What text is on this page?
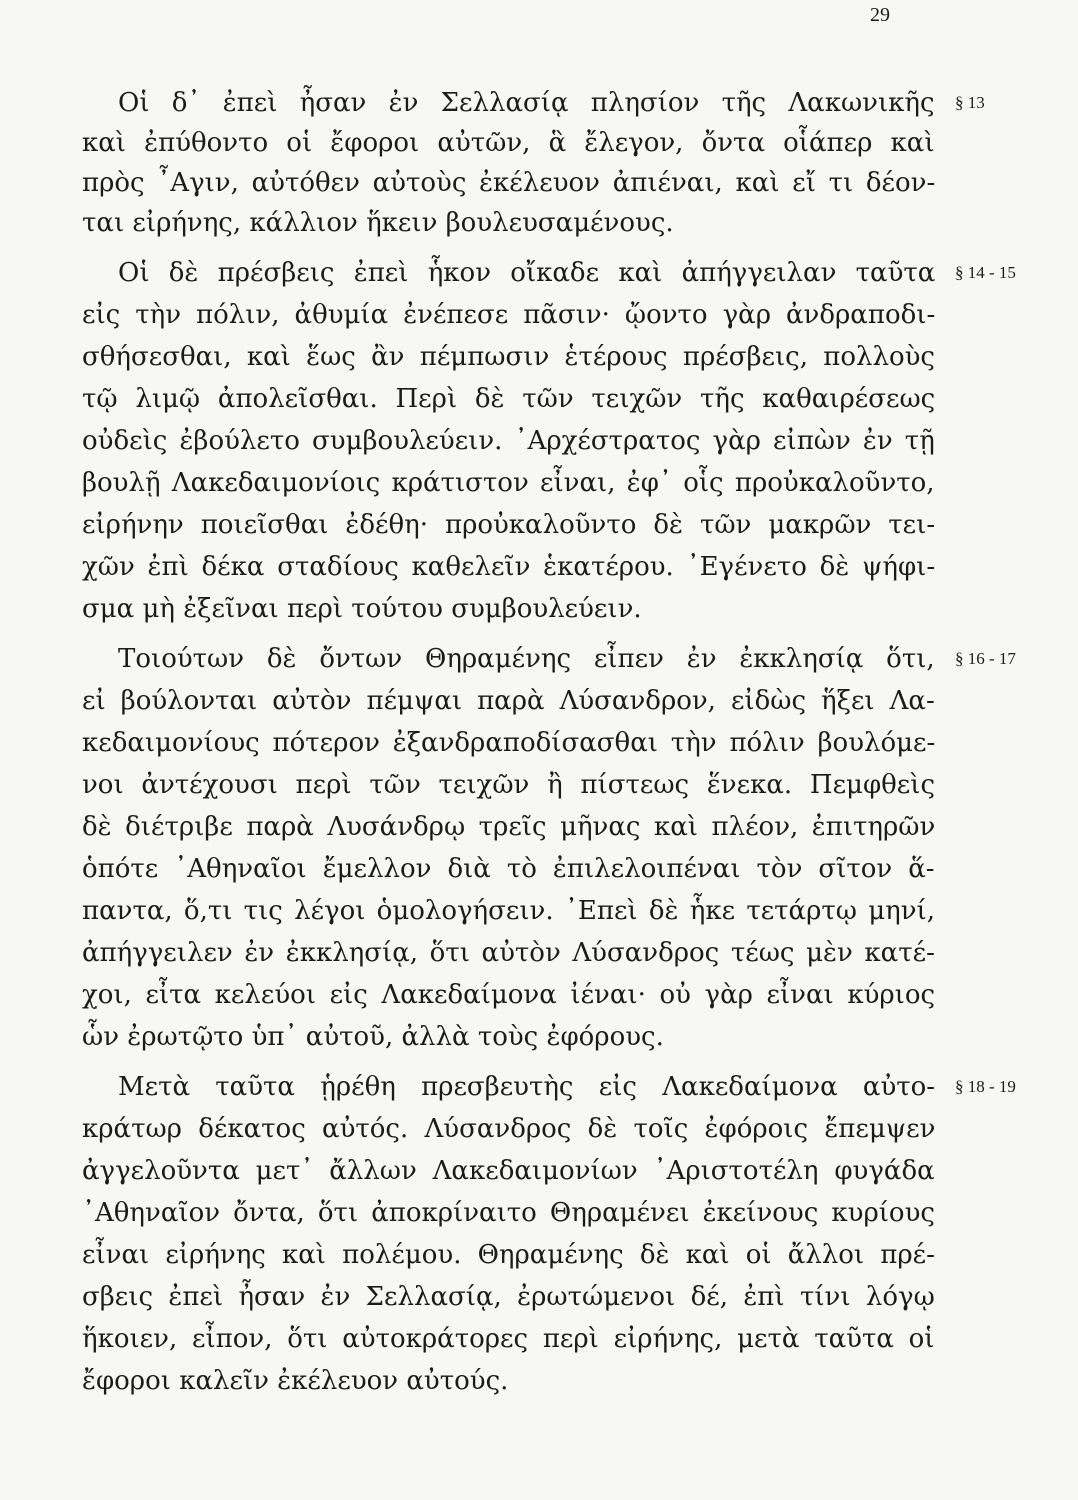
29
Οἱ δ᾽ ἐπεὶ ἦσαν ἐν Σελλασίᾳ πλησίον τῆς Λακωνικῆς
καὶ ἐπύθοντο οἱ ἔφοροι αὐτῶν, ἃ ἔλεγον, ὄντα οἷάπερ καὶ
πρὸς ῏Αγιν, αὐτόθεν αὐτοὺς ἐκέλευον ἀπιέναι, καὶ εἴ τι δέον-
ται εἰρήνης, κάλλιον ἥκειν βουλευσαμένους.
§ 13
Οἱ δὲ πρέσβεις ἐπεὶ ἧκον οἴκαδε καὶ ἀπήγγειλαν ταῦτα
εἰς τὴν πόλιν, ἀθυμία ἐνέπεσε πᾶσιν· ᾤοντο γὰρ ἀνδραποδι-
σθήσεσθαι, καὶ ἕως ἂν πέμπωσιν ἑτέρους πρέσβεις, πολλοὺς
τῷ λιμῷ ἀπολεῖσθαι. Περὶ δὲ τῶν τειχῶν τῆς καθαιρέσεως
οὐδεὶς ἐβούλετο συμβουλεύειν. ᾿Αρχέστρατος γὰρ εἰπὼν ἐν τῇ
βουλῇ Λακεδαιμονίοις κράτιστον εἶναι, ἐφ᾽ οἷς προὐκαλοῦντο,
εἰρήνην ποιεῖσθαι ἐδέθη· προὐκαλοῦντο δὲ τῶν μακρῶν τει-
χῶν ἐπὶ δέκα σταδίους καθελεῖν ἑκατέρου. ᾿Εγένετο δὲ ψήφι-
σμα μὴ ἐξεῖναι περὶ τούτου συμβουλεύειν.
§ 14 - 15
Τοιούτων δὲ ὄντων Θηραμένης εἶπεν ἐν ἐκκλησίᾳ ὅτι,
εἰ βούλονται αὐτὸν πέμψαι παρὰ Λύσανδρον, εἰδὼς ἥξει Λα-
κεδαιμονίους πότερον ἐξανδραποδίσασθαι τὴν πόλιν βουλόμε-
νοι ἀντέχουσι περὶ τῶν τειχῶν ἢ πίστεως ἕνεκα. Πεμφθεὶς
δὲ διέτριβε παρὰ Λυσάνδρῳ τρεῖς μῆνας καὶ πλέον, ἐπιτηρῶν
ὁπότε ᾿Αθηναῖοι ἔμελλον διὰ τὸ ἐπιλελοιπέναι τὸν σῖτον ἅ-
παντα, ὅ,τι τις λέγοι ὁμολογήσειν. ᾿Επεὶ δὲ ἧκε τετάρτῳ μηνί,
ἀπήγγειλεν ἐν ἐκκλησίᾳ, ὅτι αὐτὸν Λύσανδρος τέως μὲν κατέ-
χοι, εἶτα κελεύοι εἰς Λακεδαίμονα ἰέναι· οὐ γὰρ εἶναι κύριος
ὧν ἐρωτῷτο ὑπ᾽ αὐτοῦ, ἀλλὰ τοὺς ἐφόρους.
§ 16 - 17
Μετὰ ταῦτα ᾑρέθη πρεσβευτὴς εἰς Λακεδαίμονα αὐτο-
κράτωρ δέκατος αὐτός. Λύσανδρος δὲ τοῖς ἐφόροις ἔπεμψεν
ἀγγελοῦντα μετ᾽ ἄλλων Λακεδαιμονίων ᾿Αριστοτέλη φυγάδα
᾿Αθηναῖον ὄντα, ὅτι ἀποκρίναιτο Θηραμένει ἐκείνους κυρίους
εἶναι εἰρήνης καὶ πολέμου. Θηραμένης δὲ καὶ οἱ ἄλλοι πρέ-
σβεις ἐπεὶ ἦσαν ἐν Σελλασίᾳ, ἐρωτώμενοι δέ, ἐπὶ τίνι λόγῳ
ἥκοιεν, εἶπον, ὅτι αὐτοκράτορες περὶ εἰρήνης, μετὰ ταῦτα οἱ
ἔφοροι καλεῖν ἐκέλευον αὐτούς.
§ 18 - 19
